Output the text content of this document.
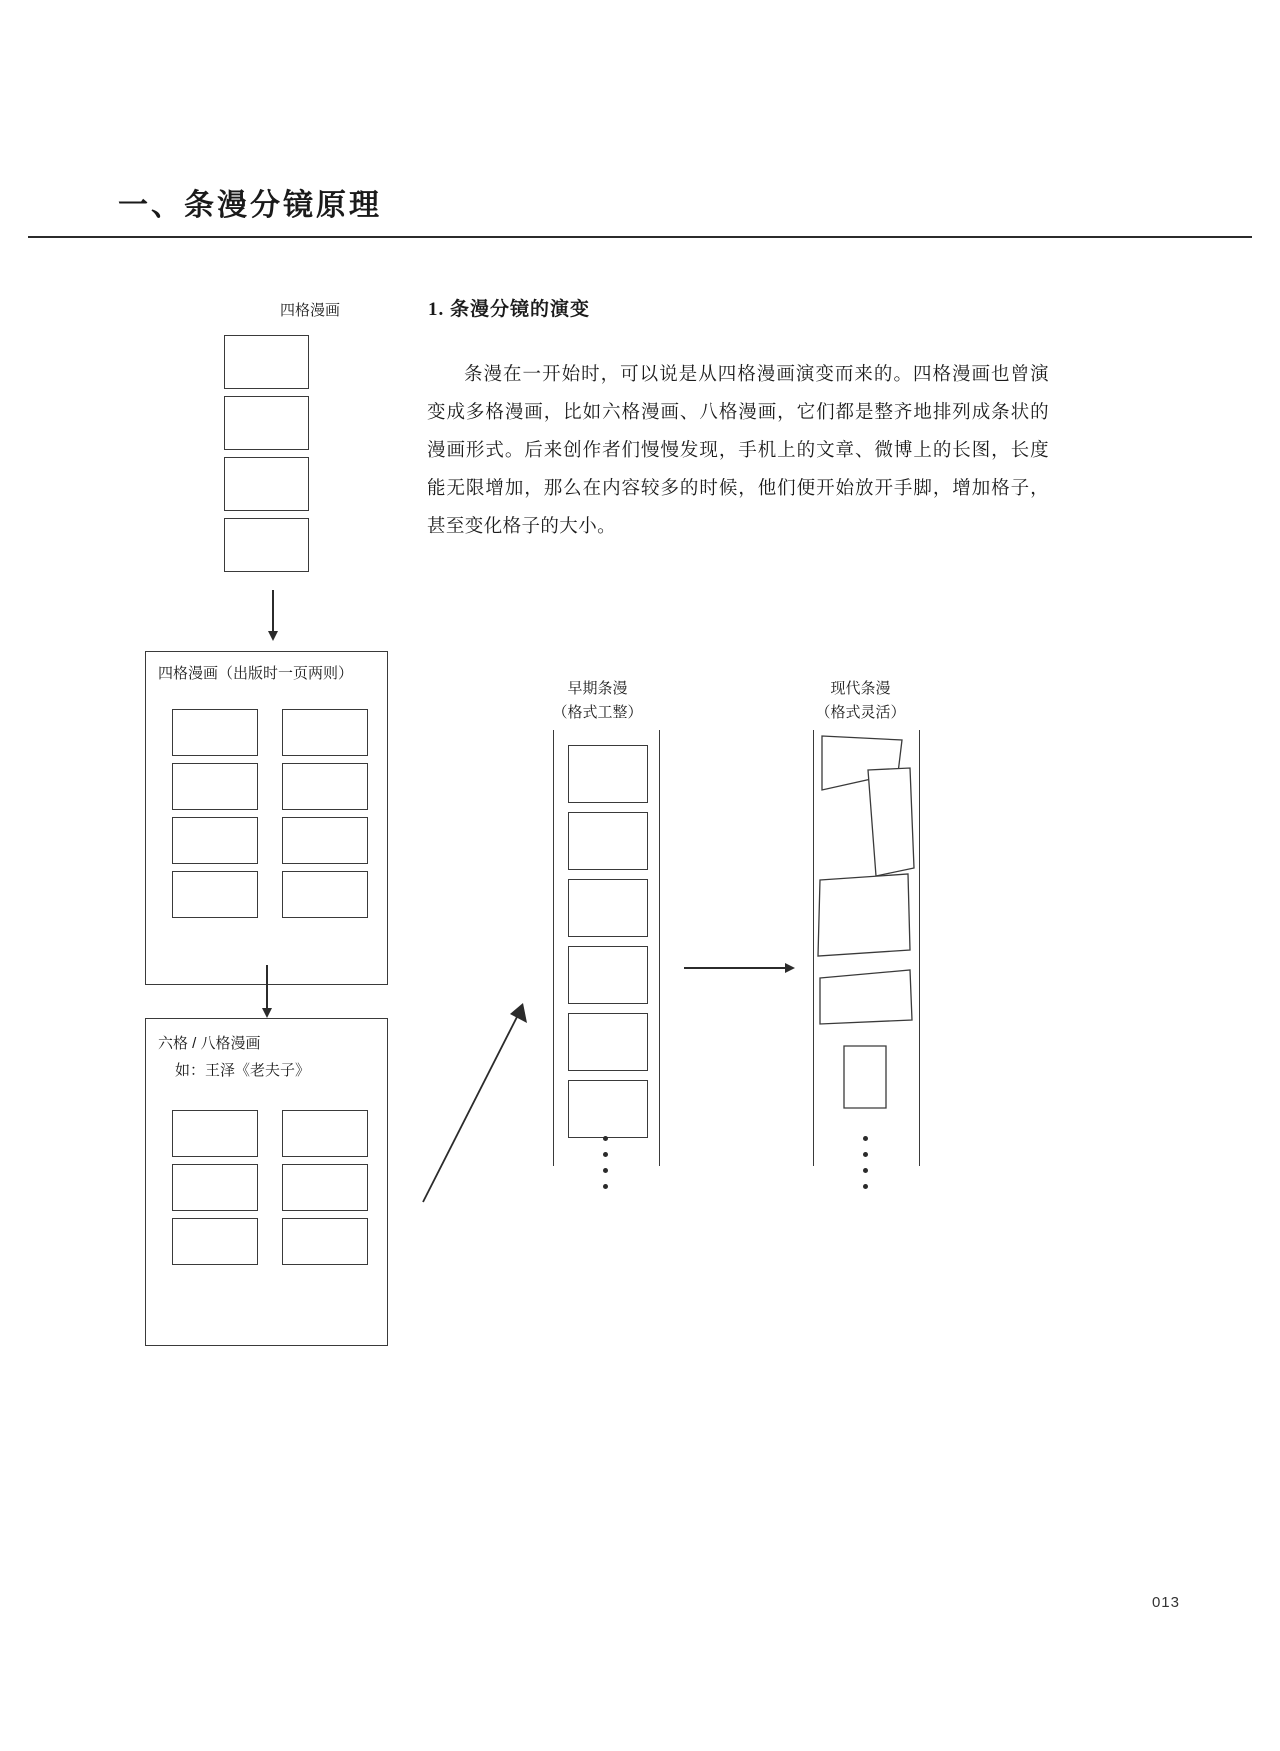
一、条漫分镜原理
1. 条漫分镜的演变
条漫在一开始时，可以说是从四格漫画演变而来的。四格漫画也曾演变成多格漫画，比如六格漫画、八格漫画，它们都是整齐地排列成条状的漫画形式。后来创作者们慢慢发现，手机上的文章、微博上的长图，长度能无限增加，那么在内容较多的时候，他们便开始放开手脚，增加格子，甚至变化格子的大小。
四格漫画
四格漫画（出版时一页两则）
六格 / 八格漫画
如：王泽《老夫子》
早期条漫
（格式工整）
现代条漫
（格式灵活）
013
